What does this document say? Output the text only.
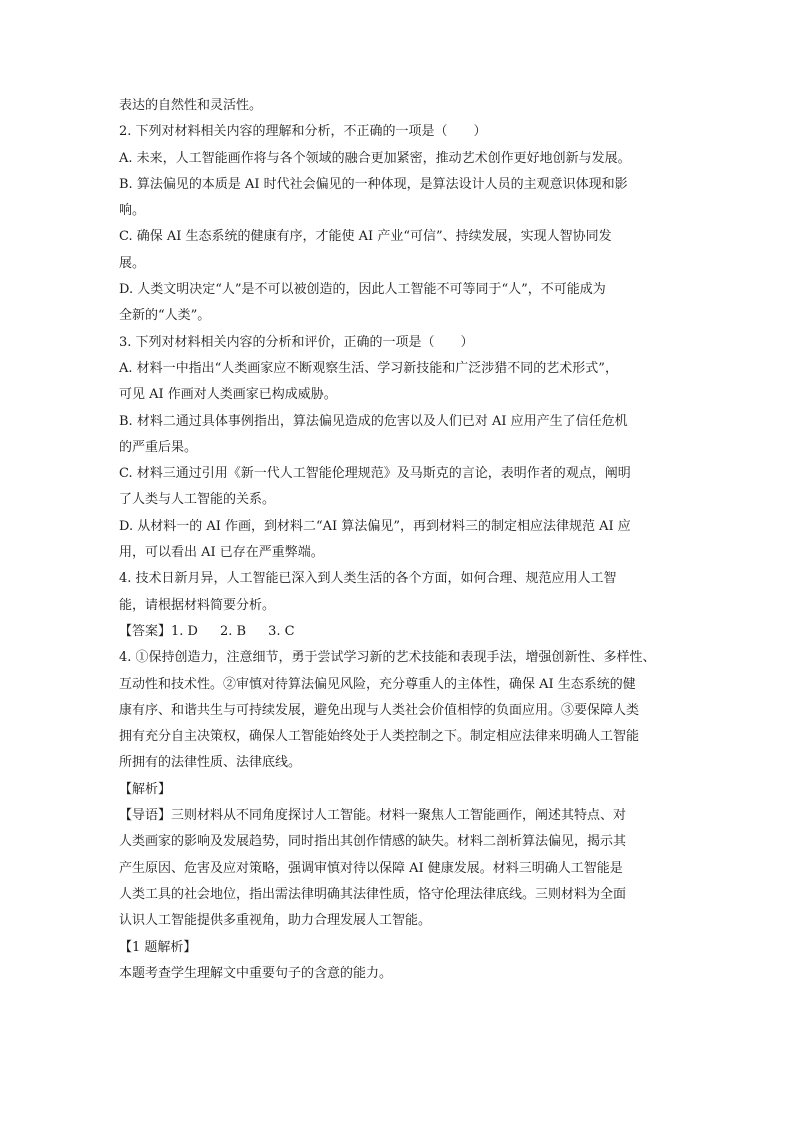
表达的自然性和灵活性。
2. 下列对材料相关内容的理解和分析，不正确的一项是（　　）
A. 未来，人工智能画作将与各个领域的融合更加紧密，推动艺术创作更好地创新与发展。
B. 算法偏见的本质是 AI 时代社会偏见的一种体现，是算法设计人员的主观意识体现和影
响。
C. 确保 AI 生态系统的健康有序，才能使 AI 产业“可信”、持续发展，实现人智协同发
展。
D. 人类文明决定“人”是不可以被创造的，因此人工智能不可等同于“人”，不可能成为
全新的“人类”。
3. 下列对材料相关内容的分析和评价，正确的一项是（　　）
A. 材料一中指出“人类画家应不断观察生活、学习新技能和广泛涉猎不同的艺术形式”，
可见 AI 作画对人类画家已构成威胁。
B. 材料二通过具体事例指出，算法偏见造成的危害以及人们已对 AI 应用产生了信任危机
的严重后果。
C. 材料三通过引用《新一代人工智能伦理规范》及马斯克的言论，表明作者的观点，阐明
了人类与人工智能的关系。
D. 从材料一的 AI 作画，到材料二“AI 算法偏见”，再到材料三的制定相应法律规范 AI 应
用，可以看出 AI 已存在严重弊端。
4. 技术日新月异，人工智能已深入到人类生活的各个方面，如何合理、规范应用人工智
能，请根据材料简要分析。
【答案】1. D 2. B 3. C
4. ①保持创造力，注意细节，勇于尝试学习新的艺术技能和表现手法，增强创新性、多样性、
互动性和技术性。②审慎对待算法偏见风险，充分尊重人的主体性，确保 AI 生态系统的健
康有序、和谐共生与可持续发展，避免出现与人类社会价值相悖的负面应用。③要保障人类
拥有充分自主决策权，确保人工智能始终处于人类控制之下。制定相应法律来明确人工智能
所拥有的法律性质、法律底线。
【解析】
【导语】三则材料从不同角度探讨人工智能。材料一聚焦人工智能画作，阐述其特点、对
人类画家的影响及发展趋势，同时指出其创作情感的缺失。材料二剖析算法偏见，揭示其
产生原因、危害及应对策略，强调审慎对待以保障 AI 健康发展。材料三明确人工智能是
人类工具的社会地位，指出需法律明确其法律性质，恪守伦理法律底线。三则材料为全面
认识人工智能提供多重视角，助力合理发展人工智能。
【1 题解析】
本题考查学生理解文中重要句子的含意的能力。
